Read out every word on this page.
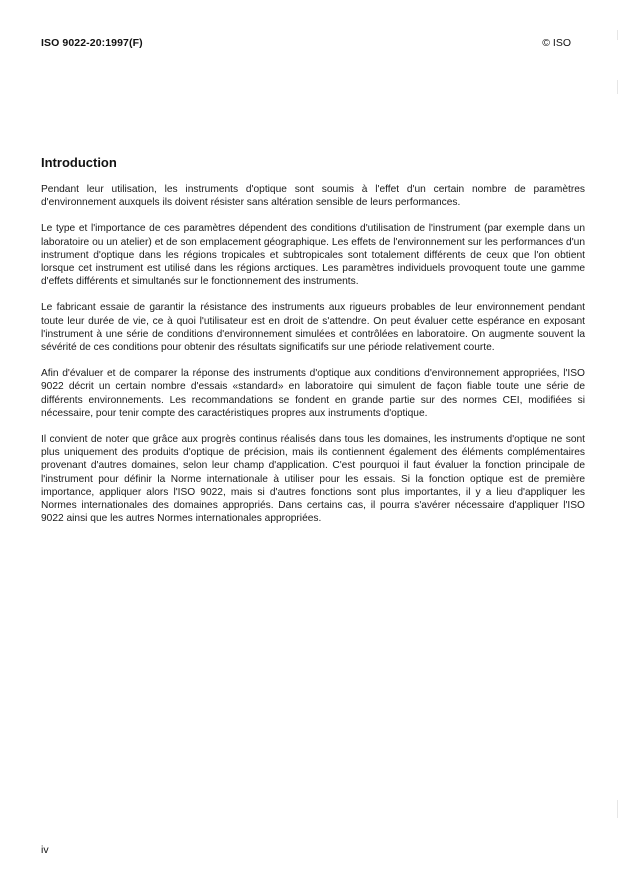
ISO 9022-20:1997(F)	© ISO
Introduction

Pendant leur utilisation, les instruments d'optique sont soumis à l'effet d'un certain nombre de paramètres d'environnement auxquels ils doivent résister sans altération sensible de leurs performances.

Le type et l'importance de ces paramètres dépendent des conditions d'utilisation de l'instrument (par exemple dans un laboratoire ou un atelier) et de son emplacement géographique. Les effets de l'environnement sur les performances d'un instrument d'optique dans les régions tropicales et subtropicales sont totalement différents de ceux que l'on obtient lorsque cet instrument est utilisé dans les régions arctiques. Les paramètres individuels provoquent toute une gamme d'effets différents et simultanés sur le fonctionnement des instruments.

Le fabricant essaie de garantir la résistance des instruments aux rigueurs probables de leur environnement pendant toute leur durée de vie, ce à quoi l'utilisateur est en droit de s'attendre. On peut évaluer cette espérance en exposant l'instrument à une série de conditions d'environnement simulées et contrôlées en laboratoire. On augmente souvent la sévérité de ces conditions pour obtenir des résultats significatifs sur une période relativement courte.

Afin d'évaluer et de comparer la réponse des instruments d'optique aux conditions d'environnement appropriées, l'ISO 9022 décrit un certain nombre d'essais «standard» en laboratoire qui simulent de façon fiable toute une série de différents environnements. Les recommandations se fondent en grande partie sur des normes CEI, modifiées si nécessaire, pour tenir compte des caractéristiques propres aux instruments d'optique.

Il convient de noter que grâce aux progrès continus réalisés dans tous les domaines, les instruments d'optique ne sont plus uniquement des produits d'optique de précision, mais ils contiennent également des éléments complémentaires provenant d'autres domaines, selon leur champ d'application. C'est pourquoi il faut évaluer la fonction principale de l'instrument pour définir la Norme internationale à utiliser pour les essais. Si la fonction optique est de première importance, appliquer alors l'ISO 9022, mais si d'autres fonctions sont plus importantes, il y a lieu d'appliquer les Normes internationales des domaines appropriés. Dans certains cas, il pourra s'avérer nécessaire d'appliquer l'ISO 9022 ainsi que les autres Normes internationales appropriées.

iv
